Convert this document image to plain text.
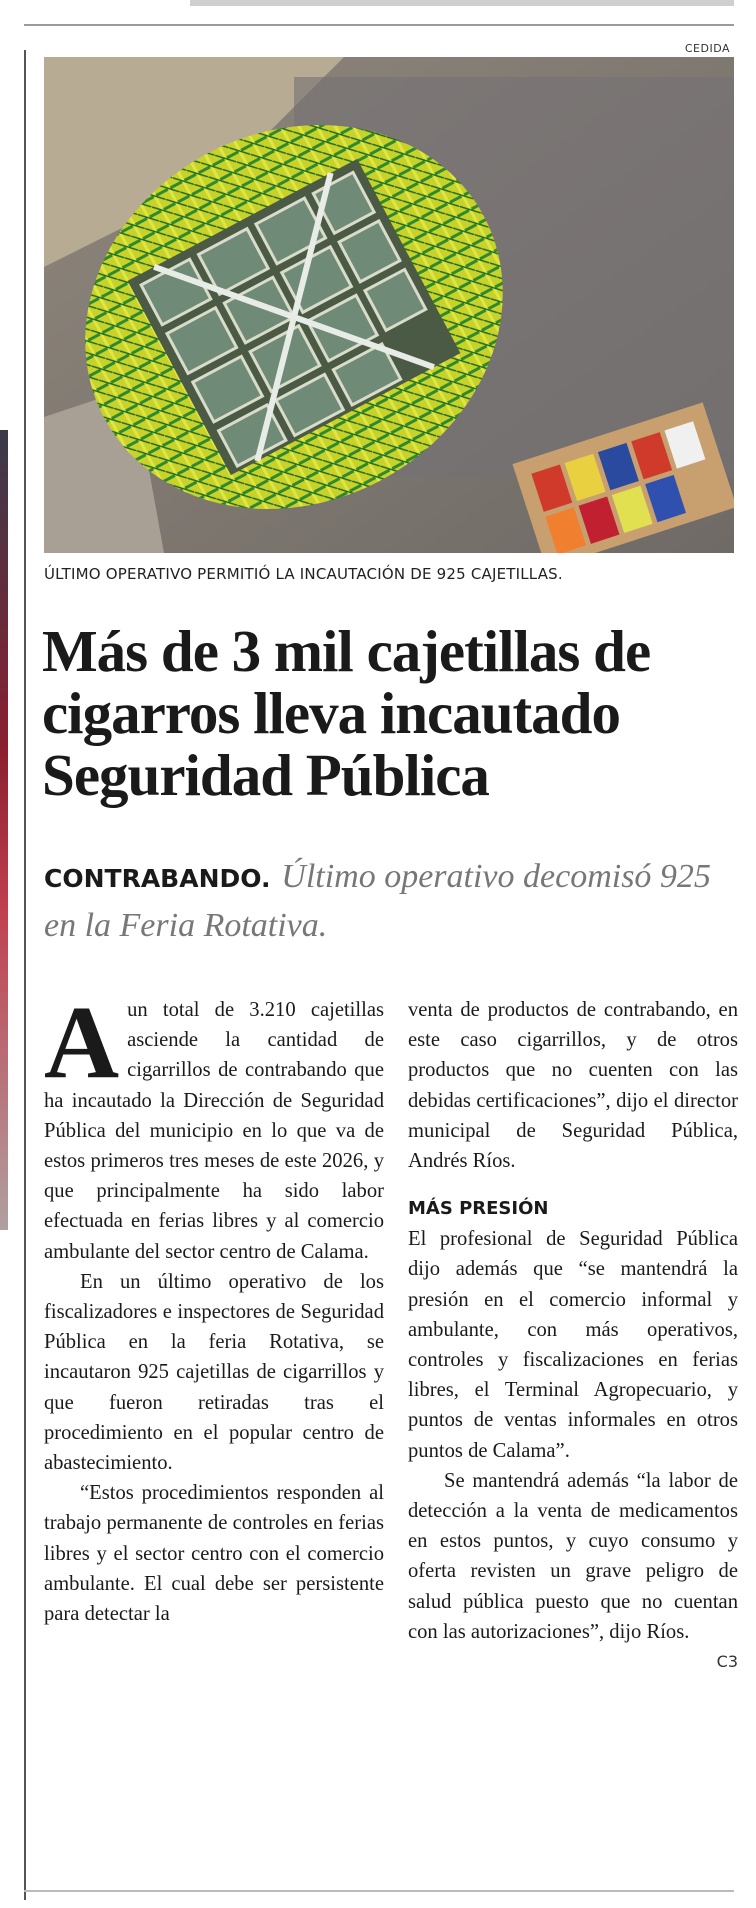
CEDIDA
ÚLTIMO OPERATIVO PERMITIÓ LA INCAUTACIÓN DE 925 CAJETILLAS.
Más de 3 mil cajetillas de cigarros lleva incautado Seguridad Pública
CONTRABANDO. Último operativo decomisó 925 en la Feria Rotativa.

Aun total de 3.210 cajetillas asciende la cantidad de cigarrillos de contrabando que ha incautado la Dirección de Seguridad Pública del municipio en lo que va de estos primeros tres meses de este 2026, y que principalmente ha sido labor efectuada en ferias libres y al comercio ambulante del sector centro de Calama.

En un último operativo de los fiscalizadores e inspectores de Seguridad Pública en la feria Rotativa, se incautaron 925 cajetillas de cigarrillos y que fueron retiradas tras el procedimiento en el popular centro de abastecimiento.

“Estos procedimientos responden al trabajo permanente de controles en ferias libres y el sector centro con el comercio ambulante. El cual debe ser persistente para detectar la

venta de productos de contrabando, en este caso cigarrillos, y de otros productos que no cuenten con las debidas certificaciones”, dijo el director municipal de Seguridad Pública, Andrés Ríos.

MÁS PRESIÓN

El profesional de Seguridad Pública dijo además que “se mantendrá la presión en el comercio informal y ambulante, con más operativos, controles y fiscalizaciones en ferias libres, el Terminal Agropecuario, y puntos de ventas informales en otros puntos de Calama”.

Se mantendrá además “la labor de detección a la venta de medicamentos en estos puntos, y cuyo consumo y oferta revisten un grave peligro de salud pública puesto que no cuentan con las autorizaciones”, dijo Ríos.
C3
